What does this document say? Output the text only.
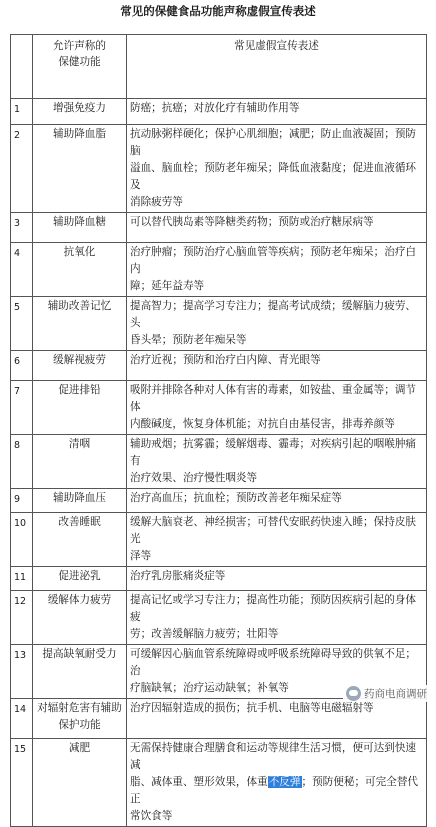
常见的保健食品功能声称虚假宣传表述

	允许声称的
保健功能	常见虚假宣传表述

1	增强免疫力	防癌；抗癌；对放化疗有辅助作用等

2	辅助降血脂	抗动脉粥样硬化；保护心肌细胞；减肥；防止血液凝固；预防脑
溢血、脑血栓；预防老年痴呆；降低血液黏度；促进血液循环及
消除疲劳等

3	辅助降血糖	可以替代胰岛素等降糖类药物；预防或治疗糖尿病等

4	抗氧化	治疗肿瘤；预防治疗心脑血管等疾病；预防老年痴呆；治疗白内
障；延年益寿等

5	辅助改善记忆	提高智力；提高学习专注力；提高考试成绩；缓解脑力疲劳、头
昏头晕；预防老年痴呆等

6	缓解视疲劳	治疗近视；预防和治疗白内障、青光眼等

7	促进排铅	吸附并排除各种对人体有害的毒素，如铵盐、重金属等；调节体
内酸碱度，恢复身体机能；对抗自由基侵害，排毒养颜等

8	清咽	辅助戒烟；抗雾霾；缓解烟毒、霾毒；对疾病引起的咽喉肿痛有
治疗效果、治疗慢性咽炎等

9	辅助降血压	治疗高血压；抗血栓；预防改善老年痴呆症等

10	改善睡眠	缓解大脑衰老、神经损害；可替代安眠药快速入睡；保持皮肤光
泽等

11	促进泌乳	治疗乳房胀痛炎症等

12	缓解体力疲劳	提高记忆或学习专注力；提高性功能；预防因疾病引起的身体疲
劳；改善缓解脑力疲劳；壮阳等

13	提高缺氧耐受力	可缓解因心脑血管系统障碍或呼吸系统障碍导致的供氧不足；治
疗脑缺氧；治疗运动缺氧；补氧等

14	对辐射危害有辅助
保护功能	治疗因辐射造成的损伤；抗手机、电脑等电磁辐射等

15	减肥	无需保持健康合理膳食和运动等规律生活习惯，便可达到快速减
脂、减体重、塑形效果，体重不反弹；预防便秘；可完全替代正
常饮食等
药商电商调研
